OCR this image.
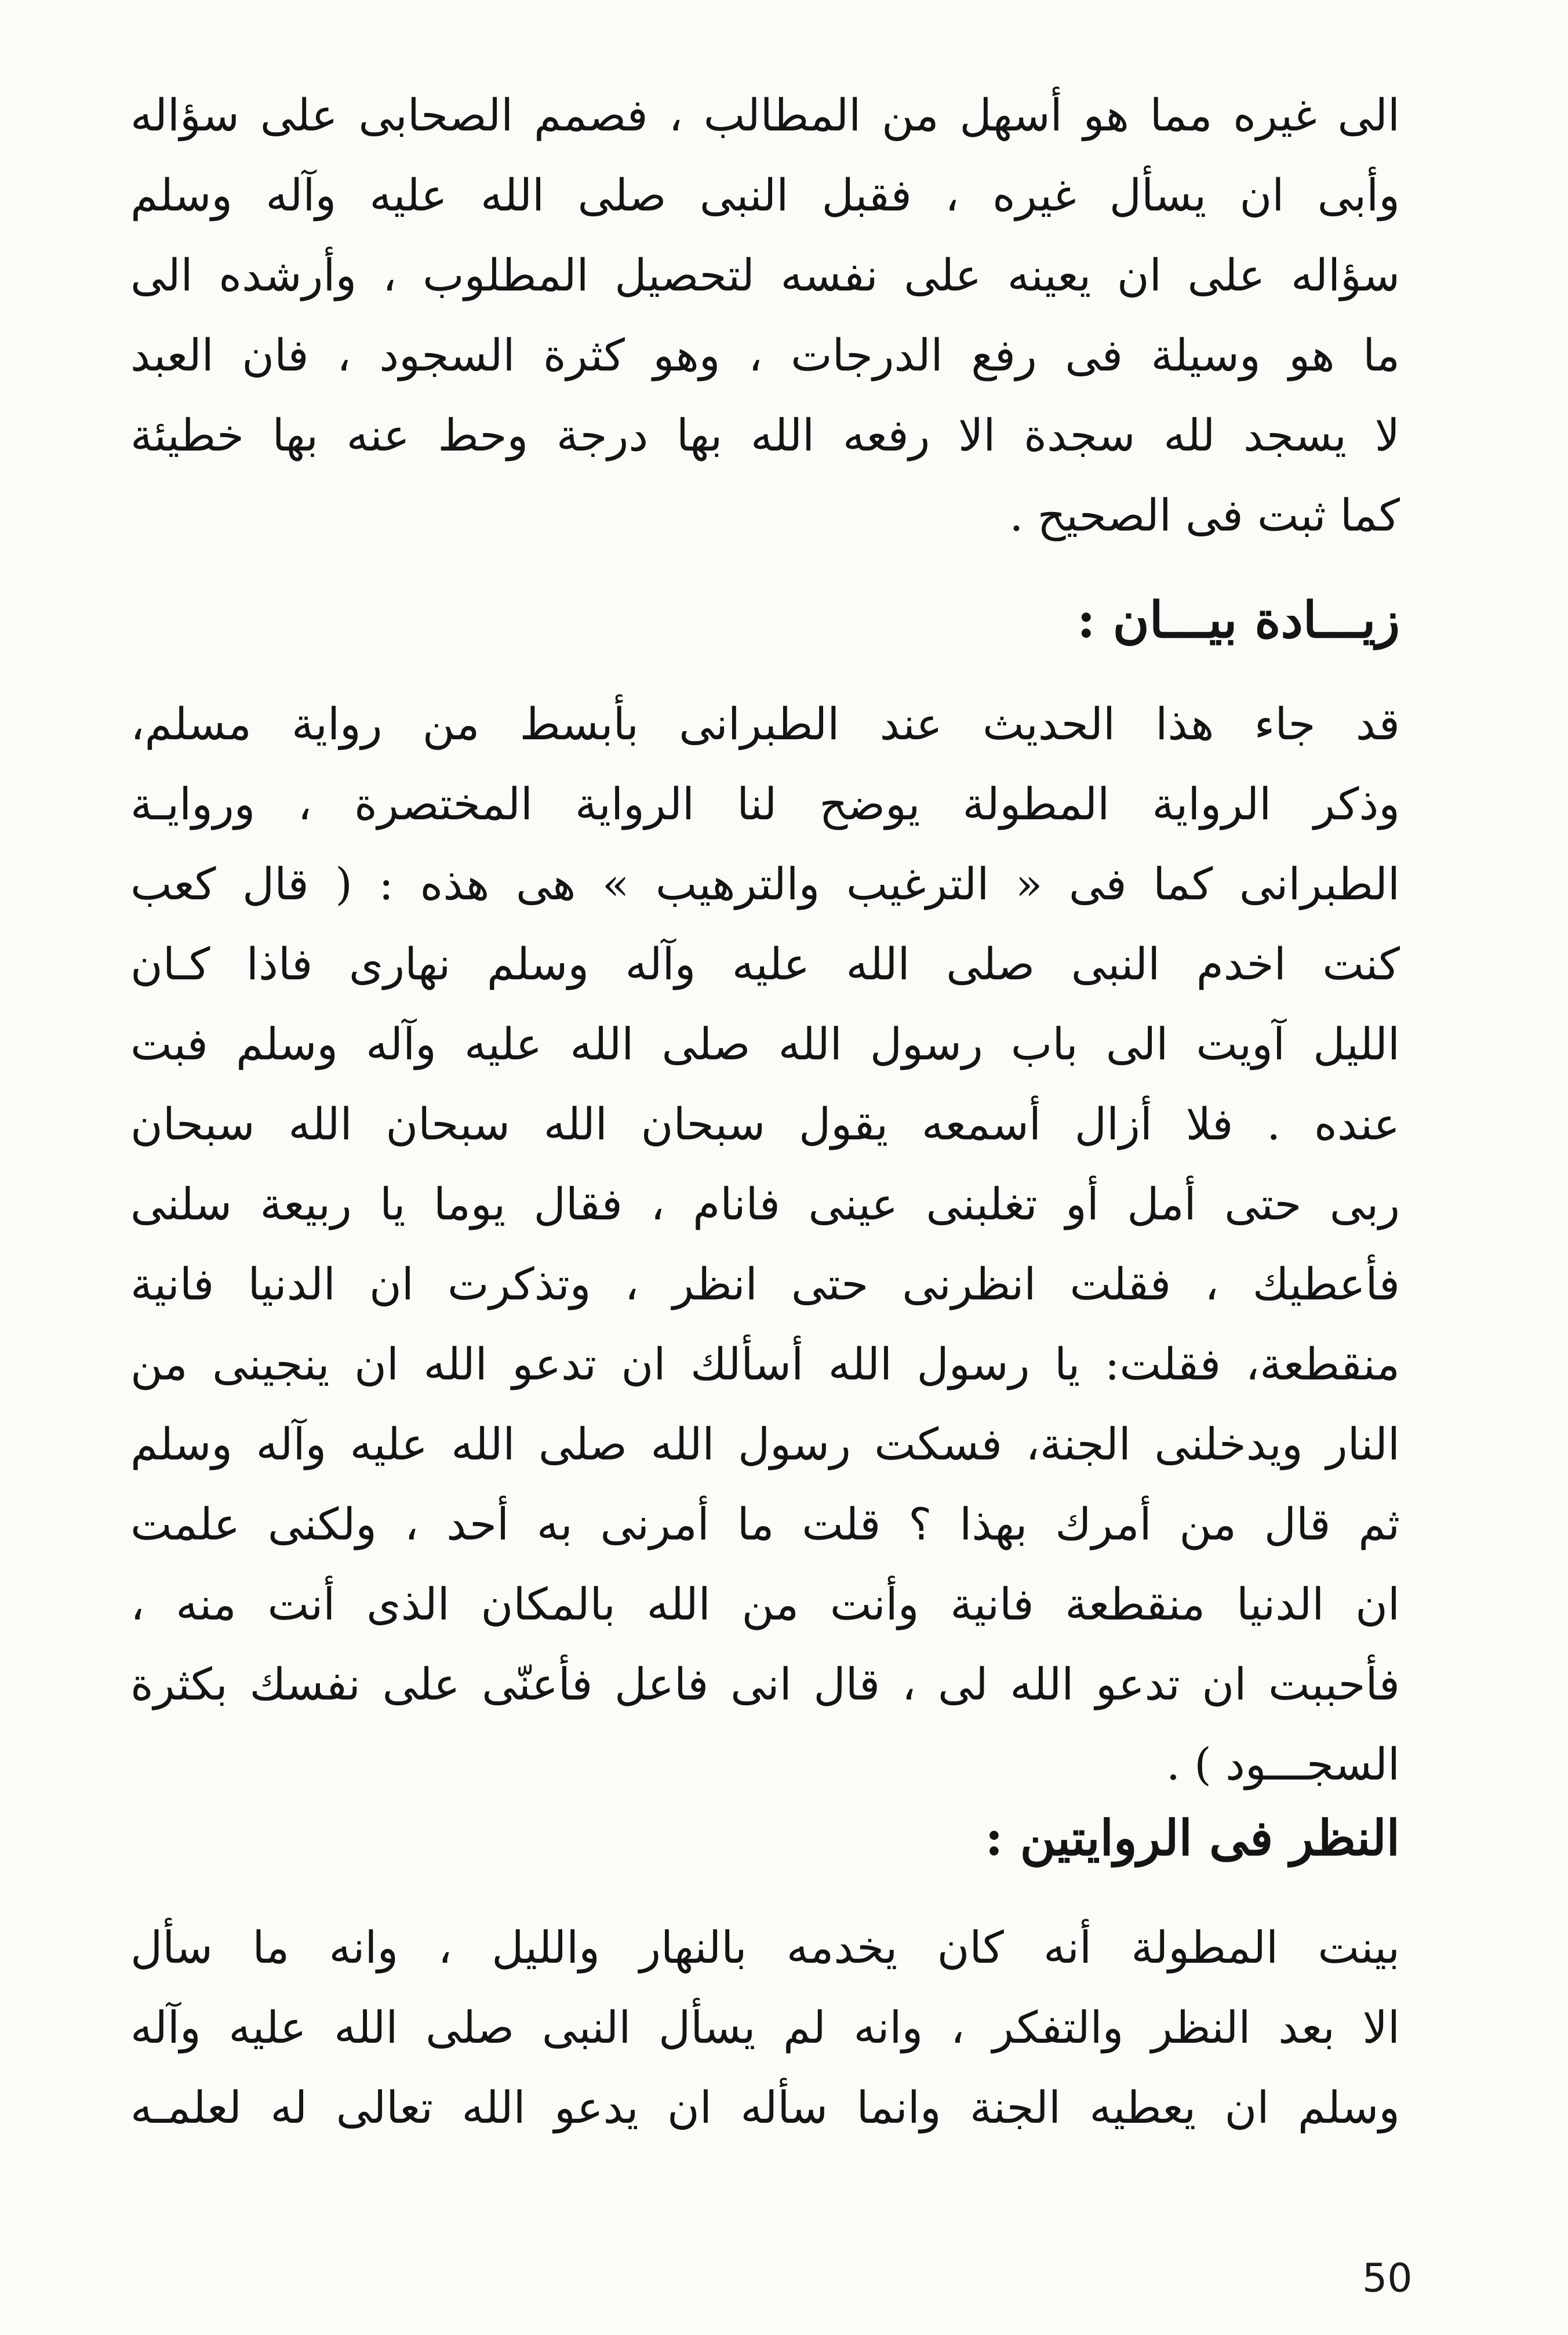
الى غيره مما هو أسهل من المطالب ، فصمم الصحابى على سؤاله
وأبى ان يسأل غيره ، فقبل النبى صلى الله عليه وآله وسلم
سؤاله على ان يعينه على نفسه لتحصيل المطلوب ، وأرشده الى
ما هو وسيلة فى رفع الدرجات ، وهو كثرة السجود ، فان العبد
لا يسجد لله سجدة الا رفعه الله بها درجة وحط عنه بها خطيئة
كما ثبت فى الصحيح .
زيـــادة بيـــان :
قد جاء هذا الحديث عند الطبرانى بأبسط من رواية مسلم،
وذكر الرواية المطولة يوضح لنا الرواية المختصرة ، وروايـة
الطبرانى كما فى « الترغيب والترهيب » هى هذه : ( قال كعب
كنت اخدم النبى صلى الله عليه وآله وسلم نهارى فاذا كـان
الليل آويت الى باب رسول الله صلى الله عليه وآله وسلم فبت
عنده . فلا أزال أسمعه يقول سبحان الله سبحان الله سبحان
ربى حتى أمل أو تغلبنى عينى فانام ، فقال يوما يا ربيعة سلنى
فأعطيك ، فقلت انظرنى حتى انظر ، وتذكرت ان الدنيا فانية
منقطعة، فقلت: يا رسول الله أسألك ان تدعو الله ان ينجينى من
النار ويدخلنى الجنة، فسكت رسول الله صلى الله عليه وآله وسلم
ثم قال من أمرك بهذا ؟ قلت ما أمرنى به أحد ، ولكنى علمت
ان الدنيا منقطعة فانية وأنت من الله بالمكان الذى أنت منه ،
فأحببت ان تدعو الله لى ، قال انى فاعل فأعنّى على نفسك بكثرة
السجـــود ) .
النظر فى الروايتين :
بينت المطولة أنه كان يخدمه بالنهار والليل ، وانه ما سأل
الا بعد النظر والتفكر ، وانه لم يسأل النبى صلى الله عليه وآله
وسلم ان يعطيه الجنة وانما سأله ان يدعو الله تعالى له لعلمـه
50
